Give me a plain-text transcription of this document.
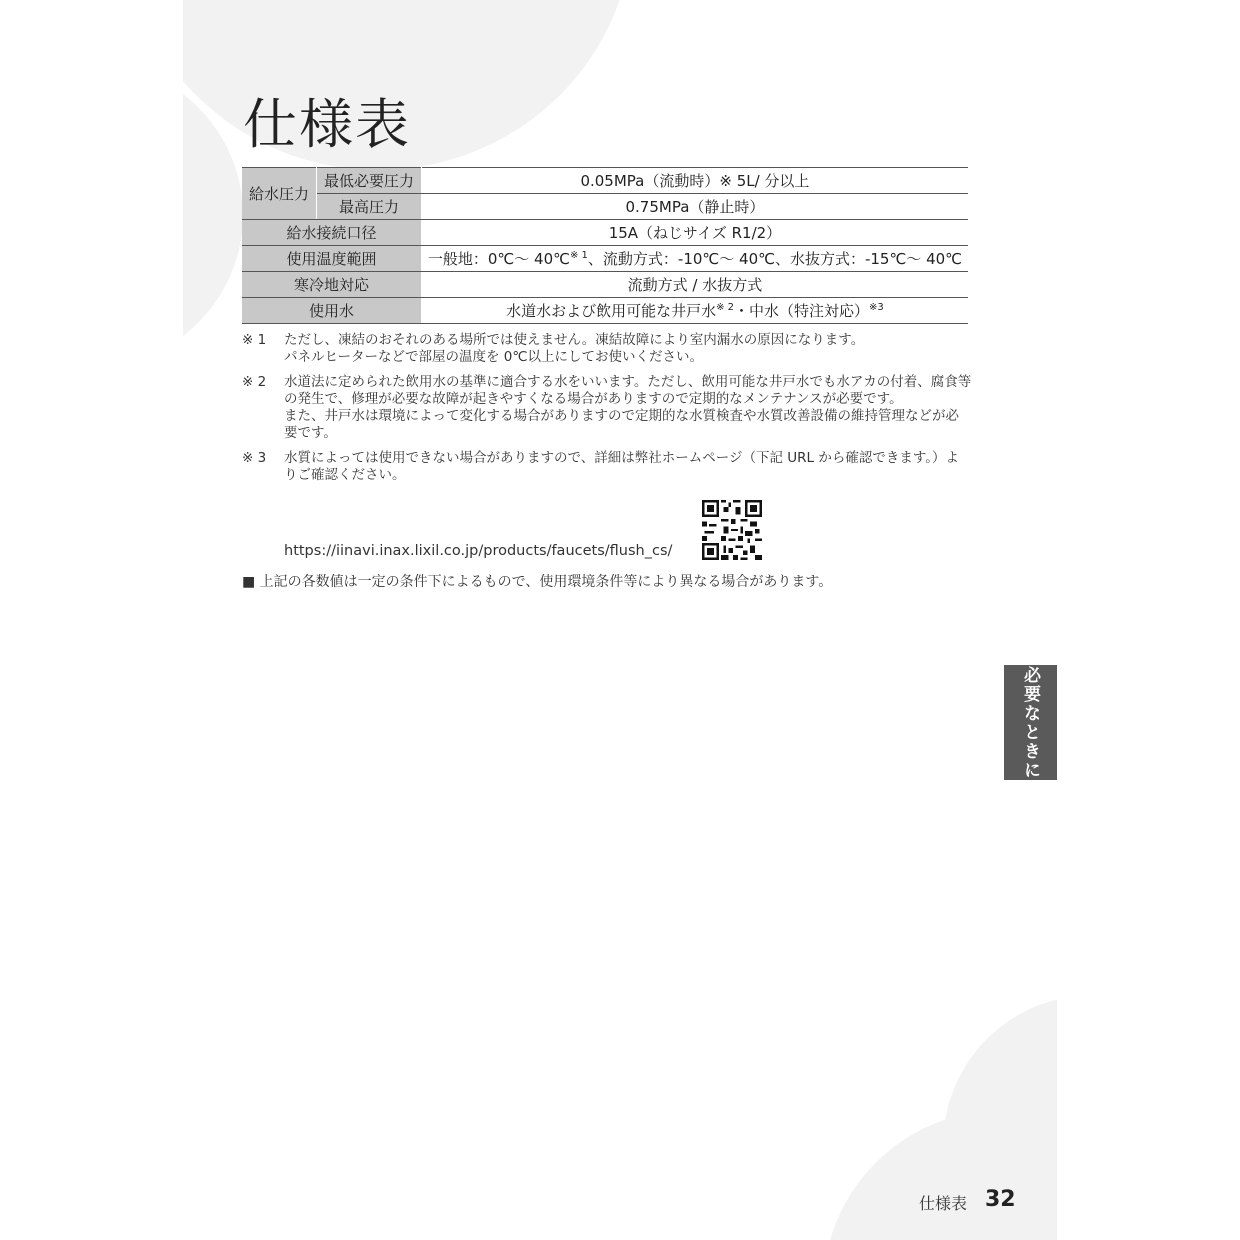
仕様表
給水圧力	最低必要圧力	0.05MPa（流動時）※ 5L/ 分以上
	最高圧力	0.75MPa（静止時）
給水接続口径		15A（ねじサイズ R1/2）
使用温度範囲		一般地：0℃～ 40℃$^{※ 1}$、流動方式：-10℃～ 40℃、水抜方式：-15℃～ 40℃
寒冷地対応		流動方式 / 水抜方式
使用水		水道水および飲用可能な井戸水$^{※ 2}$・中水（特注対応）$^{※3}$
※ 1	ただし、凍結のおそれのある場所では使えません。凍結故障により室内漏水の原因になります。
パネルヒーターなどで部屋の温度を 0℃以上にしてお使いください。
※ 2	水道法に定められた飲用水の基準に適合する水をいいます。ただし、飲用可能な井戸水でも水アカの付着、腐食等の発生で、修理が必要な故障が起きやすくなる場合がありますので定期的なメンテナンスが必要です。
また、井戸水は環境によって変化する場合がありますので定期的な水質検査や水質改善設備の維持管理などが必要です。
※ 3	水質によっては使用できない場合がありますので、詳細は弊社ホームページ（下記 URL から確認できます。）よりご確認ください。
https://iinavi.inax.lixil.co.jp/products/faucets/flush_cs/
■ 上記の各数値は一定の条件下によるもので、使用環境条件等により異なる場合があります。
必要なときに
仕様表 32
